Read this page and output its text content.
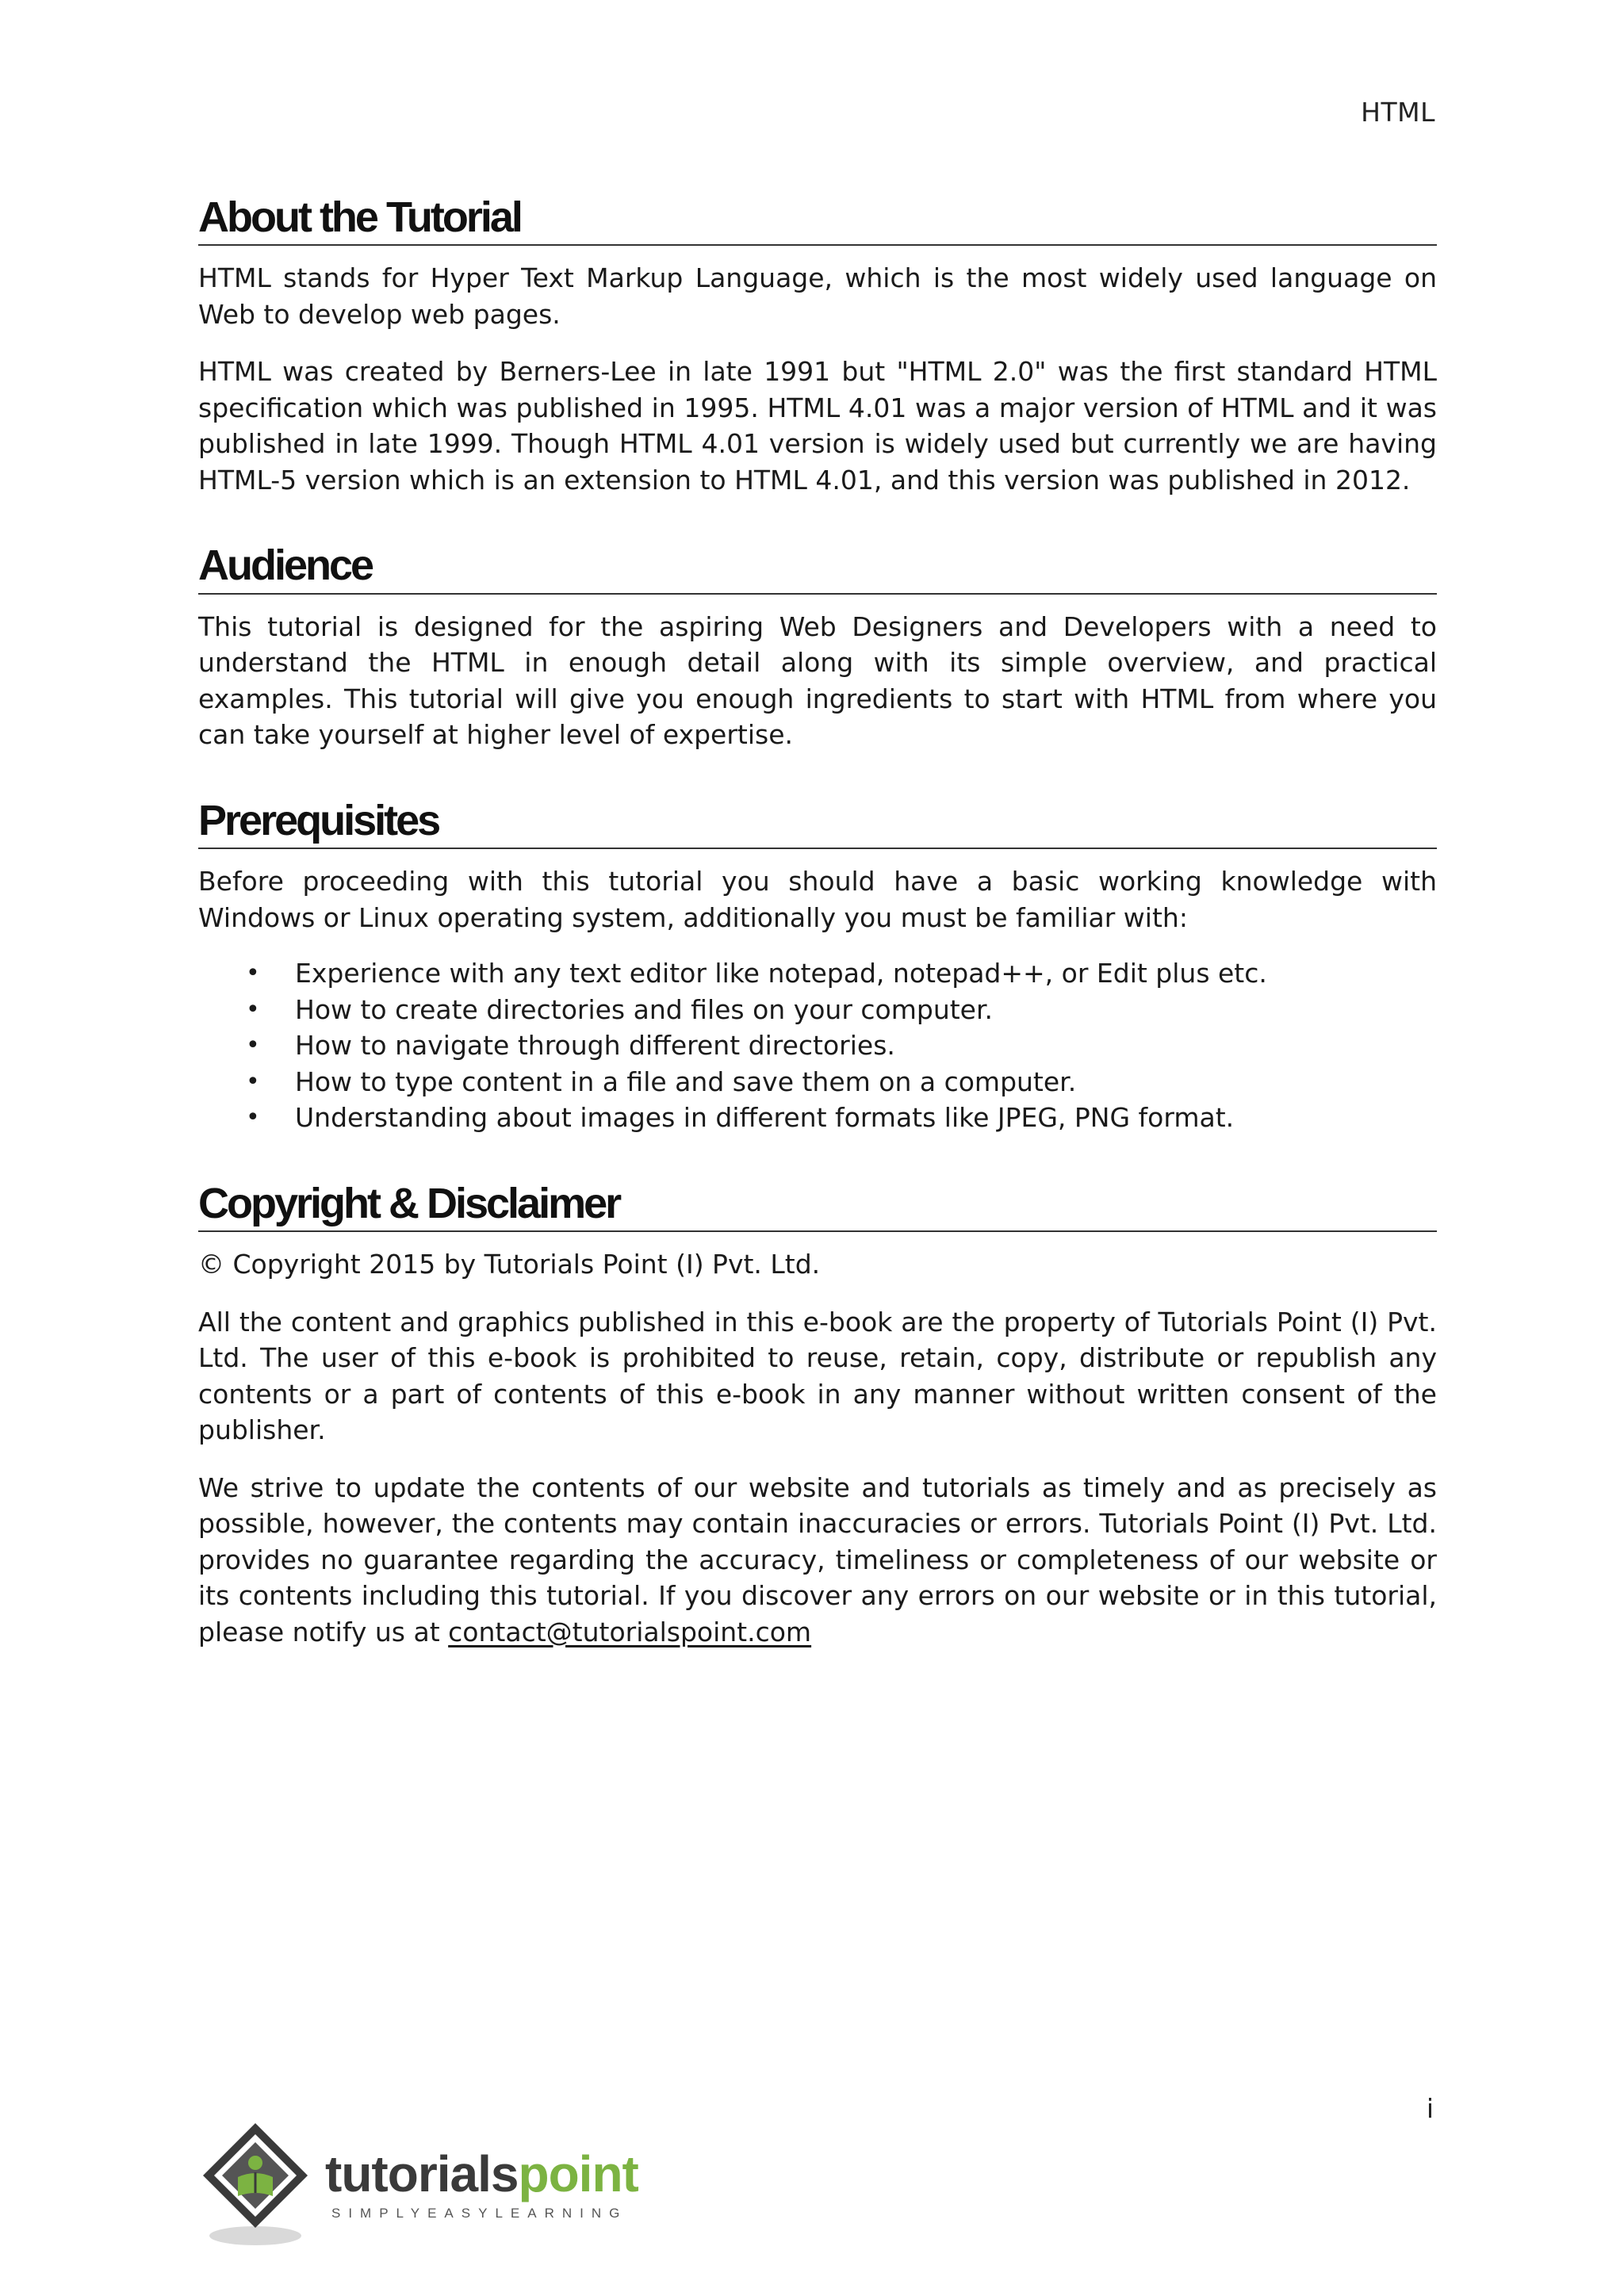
HTML
About the Tutorial

HTML stands for Hyper Text Markup Language, which is the most widely used language on Web to develop web pages.

HTML was created by Berners-Lee in late 1991 but "HTML 2.0" was the first standard HTML specification which was published in 1995. HTML 4.01 was a major version of HTML and it was published in late 1999. Though HTML 4.01 version is widely used but currently we are having HTML-5 version which is an extension to HTML 4.01, and this version was published in 2012.

Audience

This tutorial is designed for the aspiring Web Designers and Developers with a need to understand the HTML in enough detail along with its simple overview, and practical examples. This tutorial will give you enough ingredients to start with HTML from where you can take yourself at higher level of expertise.

Prerequisites

Before proceeding with this tutorial you should have a basic working knowledge with Windows or Linux operating system, additionally you must be familiar with:

• Experience with any text editor like notepad, notepad++, or Edit plus etc.
• How to create directories and files on your computer.
• How to navigate through different directories.
• How to type content in a file and save them on a computer.
• Understanding about images in different formats like JPEG, PNG format.
Copyright & Disclaimer

© Copyright 2015 by Tutorials Point (I) Pvt. Ltd.

All the content and graphics published in this e-book are the property of Tutorials Point (I) Pvt. Ltd. The user of this e-book is prohibited to reuse, retain, copy, distribute or republish any contents or a part of contents of this e-book in any manner without written consent of the publisher.

We strive to update the contents of our website and tutorials as timely and as precisely as possible, however, the contents may contain inaccuracies or errors. Tutorials Point (I) Pvt. Ltd. provides no guarantee regarding the accuracy, timeliness or completeness of our website or its contents including this tutorial. If you discover any errors on our website or in this tutorial, please notify us at contact@tutorialspoint.com

i
tutorialspoint
SIMPLYEASYLEARNING
